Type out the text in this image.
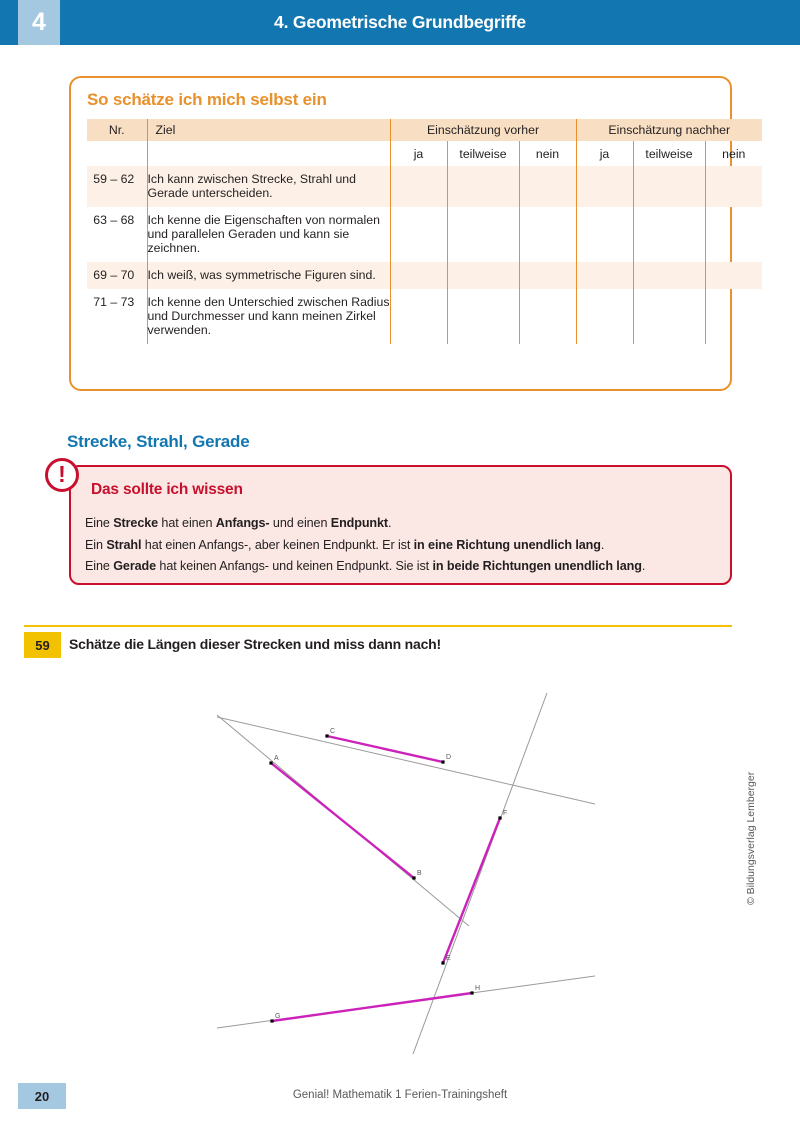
4. Geometrische Grundbegriffe
4
So schätze ich mich selbst ein
Nr.	Ziel	Einschätzung vorher			Einschätzung nachher		
		ja	teilweise	nein	ja	teilweise	nein
59 – 62	Ich kann zwischen Strecke, Strahl und Gerade unterscheiden.						
63 – 68	Ich kenne die Eigenschaften von normalen und parallelen Geraden und kann sie zeichnen.						
69 – 70	Ich weiß, was symmetrische Figuren sind.						
71 – 73	Ich kenne den Unterschied zwischen Radius und Durchmesser und kann meinen Zirkel verwenden.						
Strecke, Strahl, Gerade
Das sollte ich wissen

Eine Strecke hat einen Anfangs- und einen Endpunkt.

Ein Strahl hat einen Anfangs-, aber keinen Endpunkt. Er ist in eine Richtung unendlich lang.

Eine Gerade hat keinen Anfangs- und keinen Endpunkt. Sie ist in beide Richtungen unendlich lang.

!
59	Schätze die Längen dieser Strecken und miss dann nach!
A
B
C
D
E
F
G
H
© Bildungsverlag Lemberger
20	Genial! Mathematik 1 Ferien-Trainingsheft
